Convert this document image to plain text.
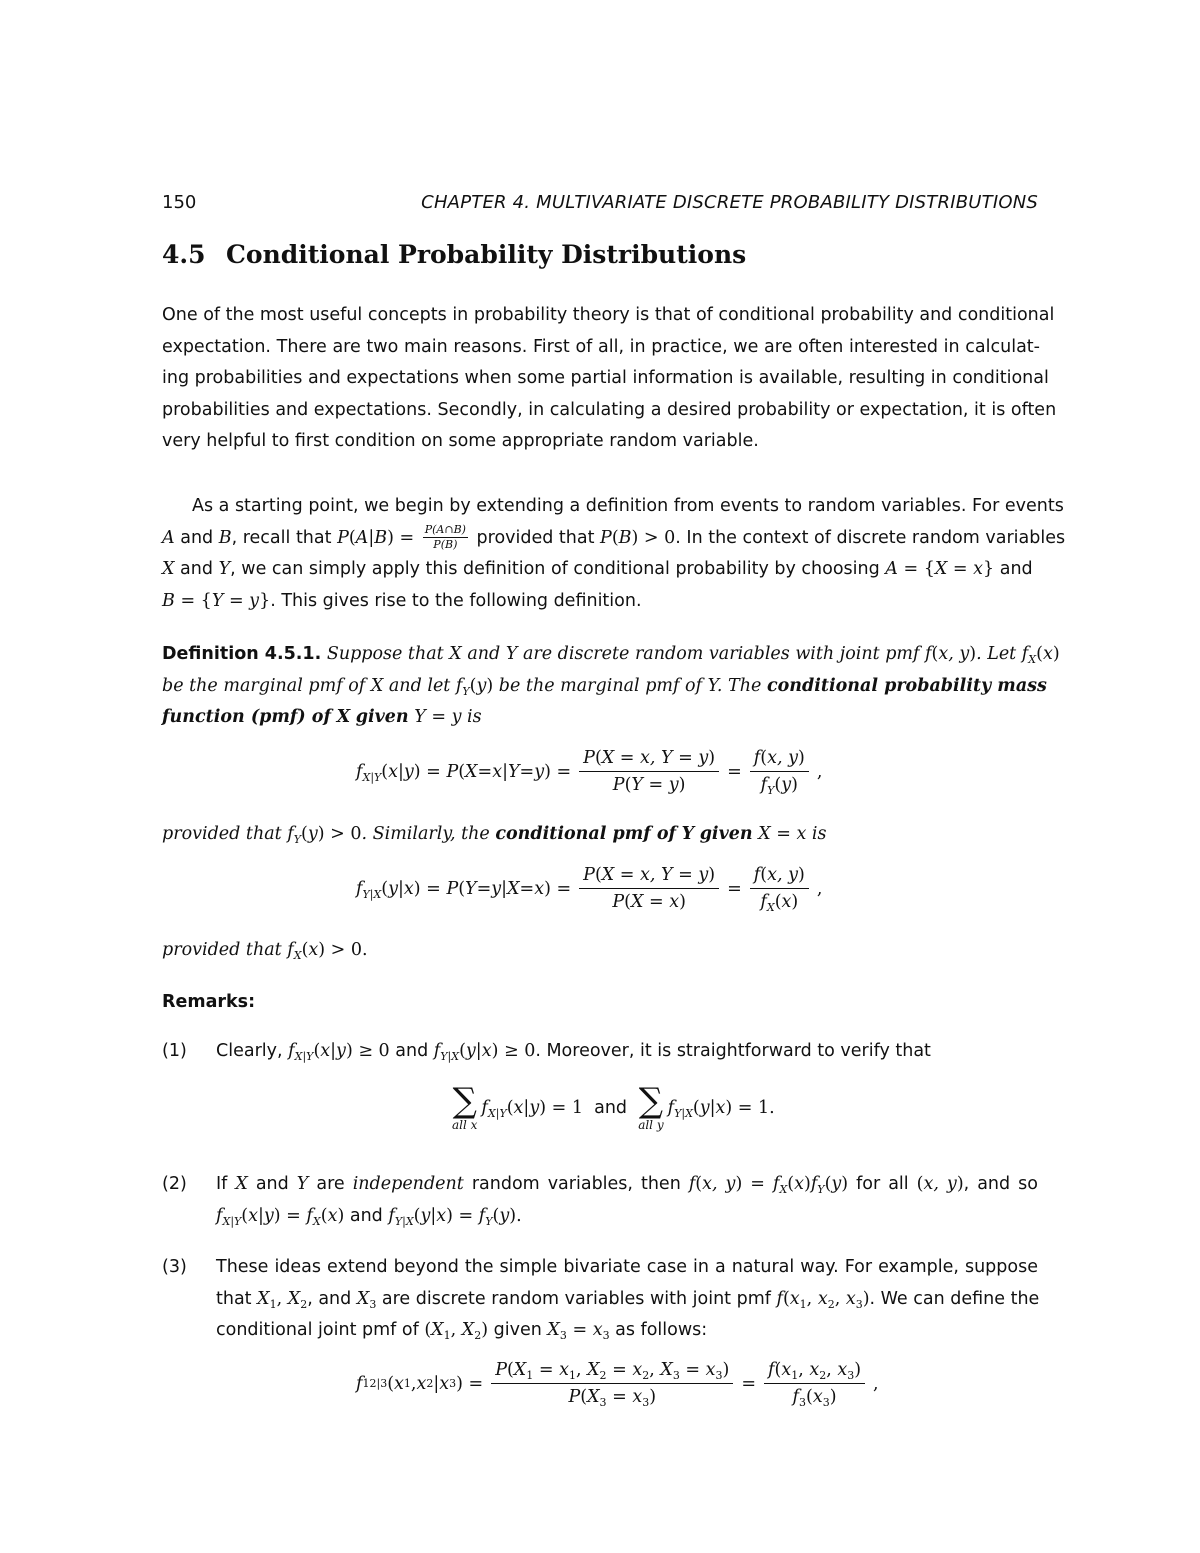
150	CHAPTER 4. MULTIVARIATE DISCRETE PROBABILITY DISTRIBUTIONS
4.5 Conditional Probability Distributions
One of the most useful concepts in probability theory is that of conditional probability and conditional
expectation. There are two main reasons. First of all, in practice, we are often interested in calculat-
ing probabilities and expectations when some partial information is available, resulting in conditional
probabilities and expectations. Secondly, in calculating a desired probability or expectation, it is often
very helpful to first condition on some appropriate random variable.
As a starting point, we begin by extending a definition from events to random variables. For events
A and B, recall that $P(A|B) = \frac{P(A\cap B)}{P(B)}$ provided that P(B) > 0. In the context of discrete random variables
X and Y, we can simply apply this definition of conditional probability by choosing A = {X = x} and
B = {Y = y}. This gives rise to the following definition.
Definition 4.5.1. Suppose that X and Y are discrete random variables with joint pmf f(x, y). Let $f_X(x)$
be the marginal pmf of X and let $f_Y(y)$ be the marginal pmf of Y. The conditional probability mass
function (pmf) of X given Y = y is
$f_{X|Y}$ ( x | y ) =
P ( X = x | Y = y ) = $\frac{P(X = x, Y = y)}{P(Y = y)} = \frac{f(x, y)}{f_Y(y)}$ ,
provided that $f_Y(y) > 0$. Similarly, the conditional pmf of Y given X = x is
$f_{Y|X}$ ( y | x ) =
P ( Y = y | X = x ) = $\frac{P(X = x, Y = y)}{P(X = x)} = \frac{f(x, y)}{f_X(x)}$ ,
provided that $f_X(x) > 0$.
Remarks:
(1) Clearly, $f_{X|Y}(x|y) \ge 0$ and $f_{Y|X}(y|x) \ge 0$. Moreover, it is straightforward to verify that
∑
all x
$f_{X|Y}$ ( x | y ) = 1
and
∑
all y
$f_{Y|X}$ ( y | x ) = 1.
(2) If X and Y are independent random variables, then f(x, $y) = f_X(x)f_Y(y)$ for all (x, y), and so
$f_{X|Y}(x|y) = f_X(x)$ and $f_{Y|X}(y|x) = f_Y(y)$.
(3) These ideas extend beyond the simple bivariate case in a natural way. For example, suppose
that $X_1$, $X_2$, and $X_3$ are discrete random variables with joint pmf $f(x_1$, $x_2$, $x_3$). We can define the
conditional joint pmf of ($X_1$, $X_2$) given $X_3 = x_3$ as follows:
f 12|3 ( x 1 , x 2 | x 3 ) = $\frac{P(X_1 = x_1, X_2 = x_2, X_3 = x_3)}{P(X_3 = x_3)} = \frac{f(x_1, x_2, x_3)}{f_3(x_3)}$ ,
